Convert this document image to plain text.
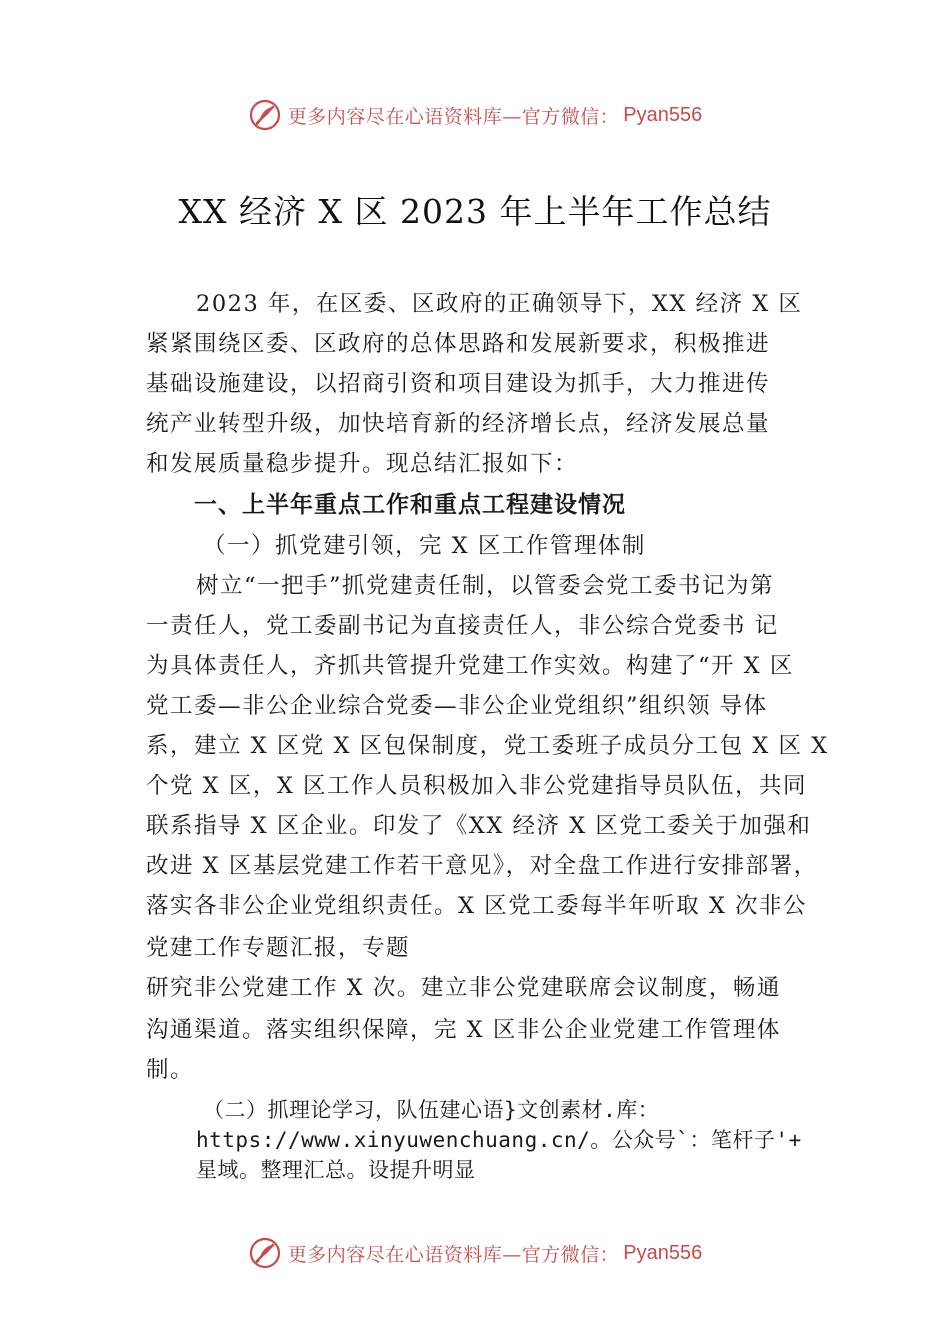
更多内容尽在心语资料库—官方微信： Pyan556
XX 经济 X 区 2023 年上半年工作总结
2023 年，在区委、区政府的正确领导下，XX 经济 X 区
紧紧围绕区委、区政府的总体思路和发展新要求，积极推进
基础设施建设，以招商引资和项目建设为抓手，大力推进传
统产业转型升级，加快培育新的经济增长点，经济发展总量
和发展质量稳步提升。现总结汇报如下：
一、上半年重点工作和重点工程建设情况
（一）抓党建引领，完 X 区工作管理体制
树立“一把手”抓党建责任制，以管委会党工委书记为第
一责任人，党工委副书记为直接责任人，非公综合党委书 记
为具体责任人，齐抓共管提升党建工作实效。构建了“开 X 区
党工委—非公企业综合党委—非公企业党组织”组织领 导体
系，建立 X 区党 X 区包保制度，党工委班子成员分工包 X 区 X
个党 X 区，X 区工作人员积极加入非公党建指导员队伍，共同
联系指导 X 区企业。印发了《XX 经济 X 区党工委关于加强和
改进 X 区基层党建工作若干意见》，对全盘工作进行安排部署，
落实各非公企业党组织责任。X 区党工委每半年听取 X 次非公
党建工作专题汇报，专题
研究非公党建工作 X 次。建立非公党建联席会议制度，畅通
沟通渠道。落实组织保障，完 X 区非公企业党建工作管理体
制。
（二）抓理论学习，队伍建心语}文创素材.库：
https://www.xinyuwenchuang.cn/。公众号`：笔杆子'+
星域。整理汇总。设提升明显
更多内容尽在心语资料库—官方微信： Pyan556
